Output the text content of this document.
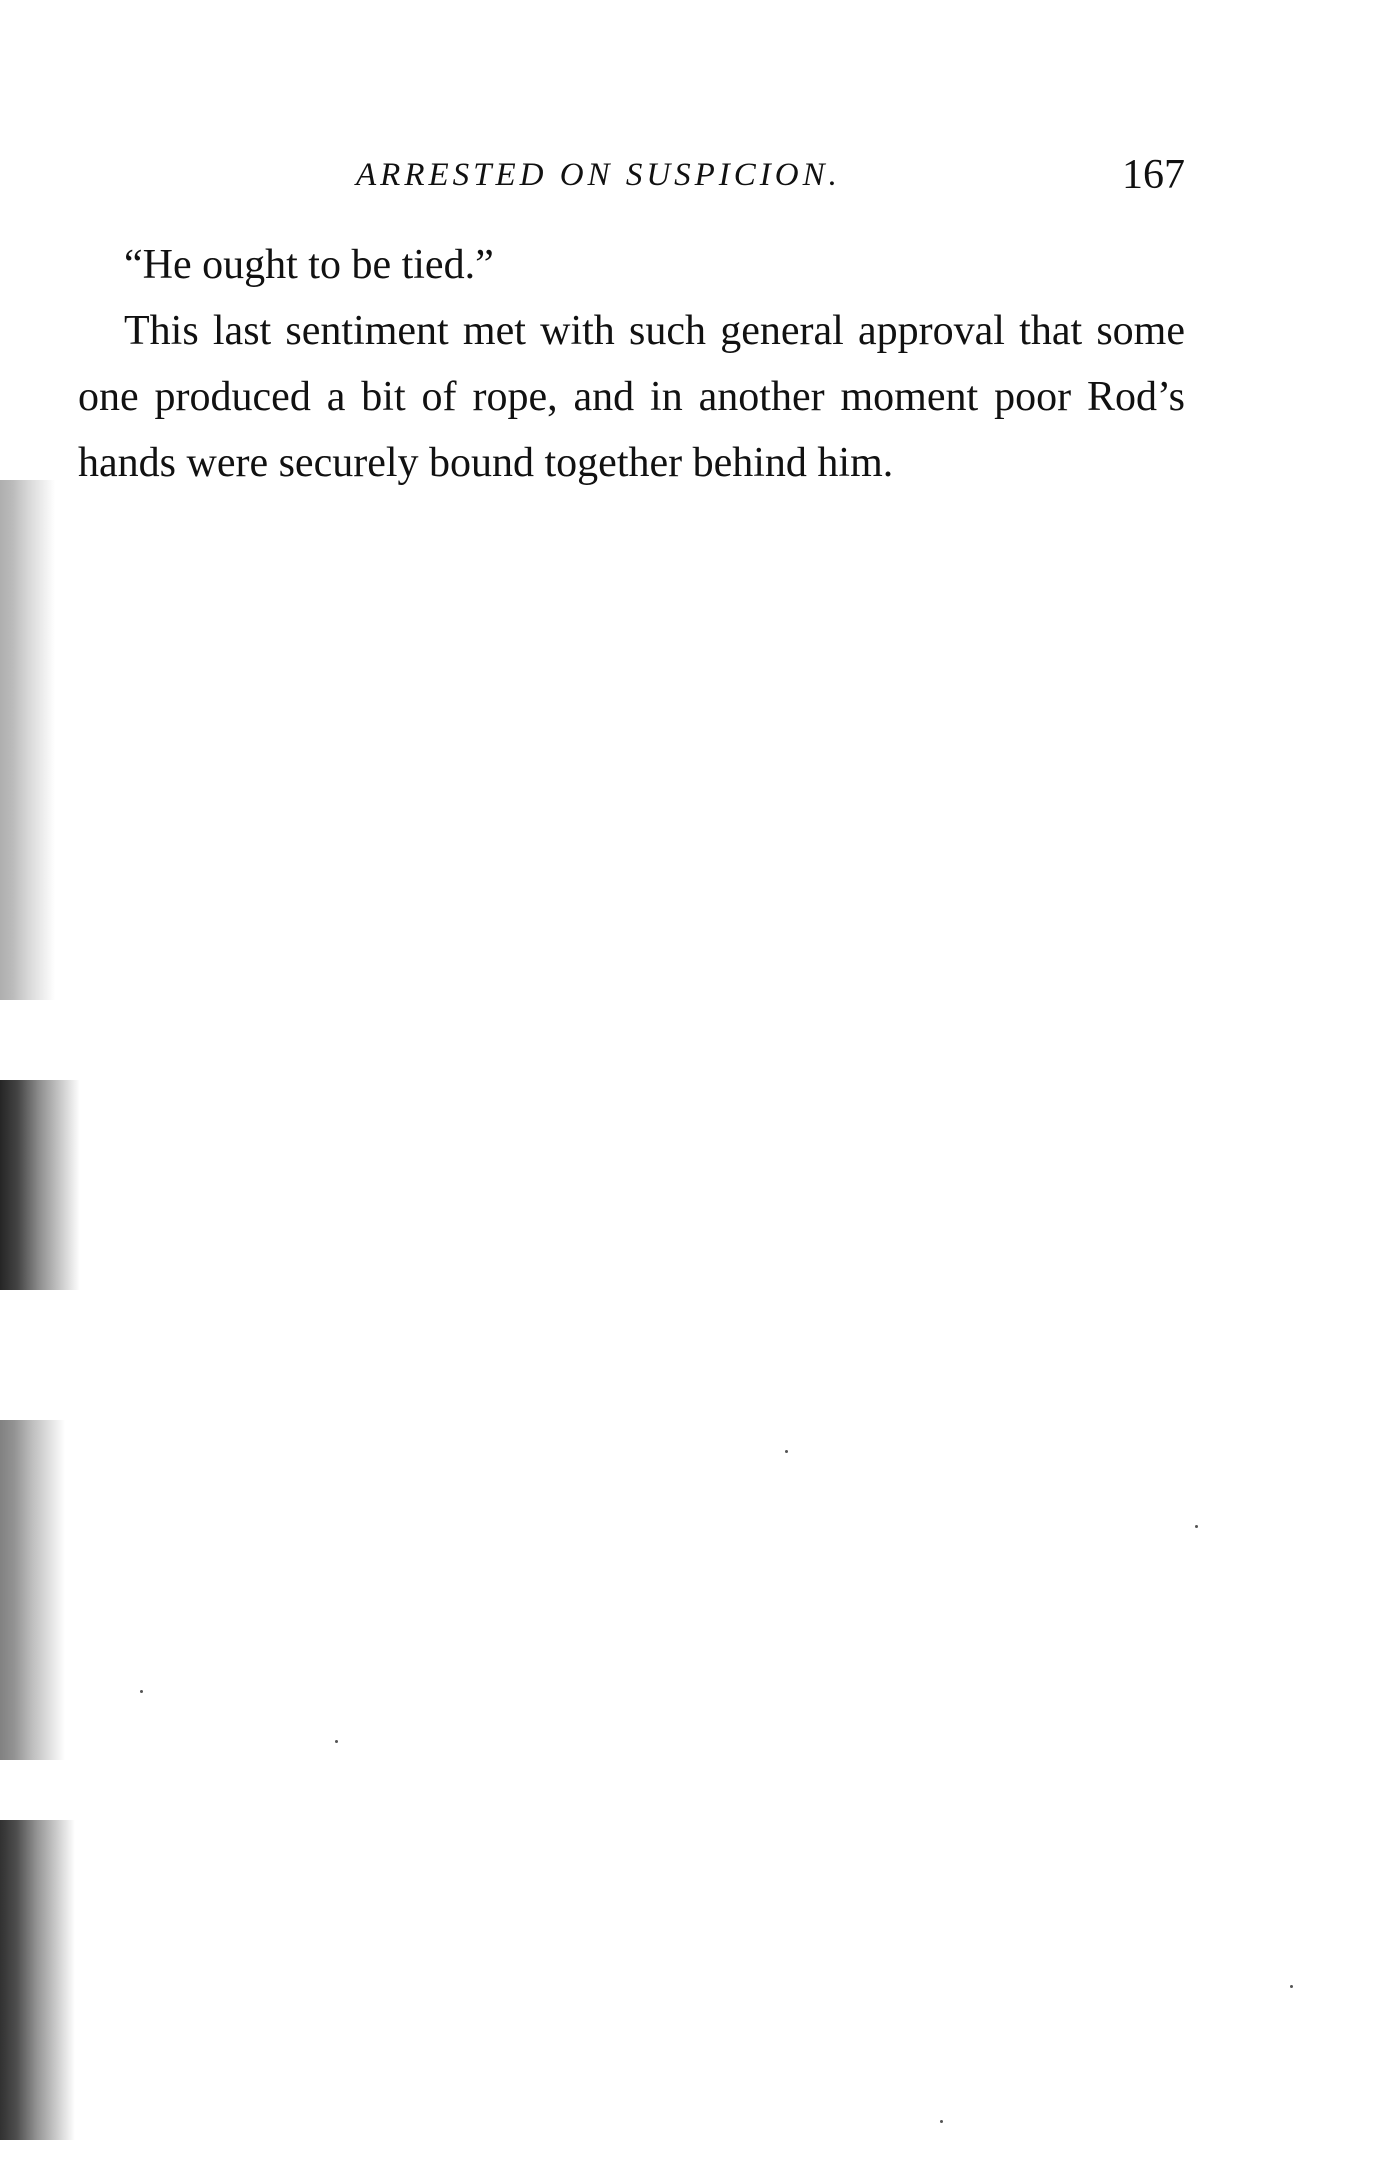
ARRESTED ON SUSPICION.	167

“He ought to be tied.”

This last sentiment met with such general approval that some one produced a bit of rope, and in another moment poor Rod’s hands were securely bound together behind him.
